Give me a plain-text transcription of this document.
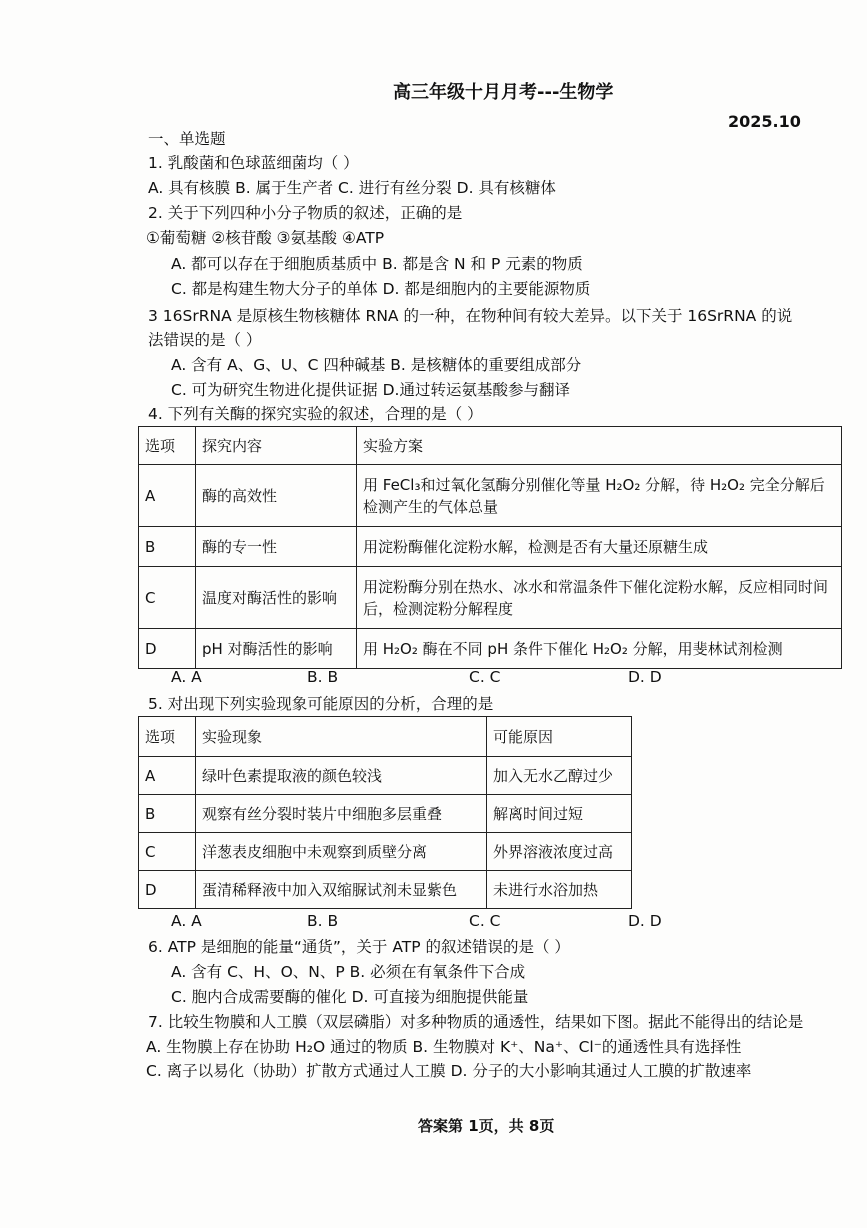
高三年级十月月考---生物学
2025.10
一、单选题
1. 乳酸菌和色球蓝细菌均（ ）
A. 具有核膜 B. 属于生产者 C. 进行有丝分裂 D. 具有核糖体
2. 关于下列四种小分子物质的叙述，正确的是
①葡萄糖 ②核苷酸 ③氨基酸 ④ATP
A. 都可以存在于细胞质基质中 B. 都是含 N 和 P 元素的物质
C. 都是构建生物大分子的单体 D. 都是细胞内的主要能源物质
3 16SrRNA 是原核生物核糖体 RNA 的一种，在物种间有较大差异。以下关于 16SrRNA 的说
法错误的是（ ）
A. 含有 A、G、U、C 四种碱基 B. 是核糖体的重要组成部分
C. 可为研究生物进化提供证据 D.通过转运氨基酸参与翻译
4. 下列有关酶的探究实验的叙述，合理的是（ ）
选项	探究内容	实验方案
A	酶的高效性	用 FeCl₃和过氧化氢酶分别催化等量 H₂O₂ 分解，待 H₂O₂ 完全分解后检测产生的气体总量
B	酶的专一性	用淀粉酶催化淀粉水解，检测是否有大量还原糖生成
C	温度对酶活性的影响	用淀粉酶分别在热水、冰水和常温条件下催化淀粉水解，反应相同时间后，检测淀粉分解程度
D	pH 对酶活性的影响	用 H₂O₂ 酶在不同 pH 条件下催化 H₂O₂ 分解，用斐林试剂检测
A. A	B. B	C. C	D. D
5. 对出现下列实验现象可能原因的分析，合理的是
选项	实验现象	可能原因
A	绿叶色素提取液的颜色较浅	加入无水乙醇过少
B	观察有丝分裂时装片中细胞多层重叠	解离时间过短
C	洋葱表皮细胞中未观察到质壁分离	外界溶液浓度过高
D	蛋清稀释液中加入双缩脲试剂未显紫色	未进行水浴加热
A. A	B. B	C. C	D. D
6. ATP 是细胞的能量“通货”，关于 ATP 的叙述错误的是（ ）
A. 含有 C、H、O、N、P B. 必须在有氧条件下合成
C. 胞内合成需要酶的催化 D. 可直接为细胞提供能量
7. 比较生物膜和人工膜（双层磷脂）对多种物质的通透性，结果如下图。据此不能得出的结论是
A. 生物膜上存在协助 H₂O 通过的物质 B. 生物膜对 K⁺、Na⁺、Cl⁻的通透性具有选择性
C. 离子以易化（协助）扩散方式通过人工膜 D. 分子的大小影响其通过人工膜的扩散速率
答案第 1页，共 8页
